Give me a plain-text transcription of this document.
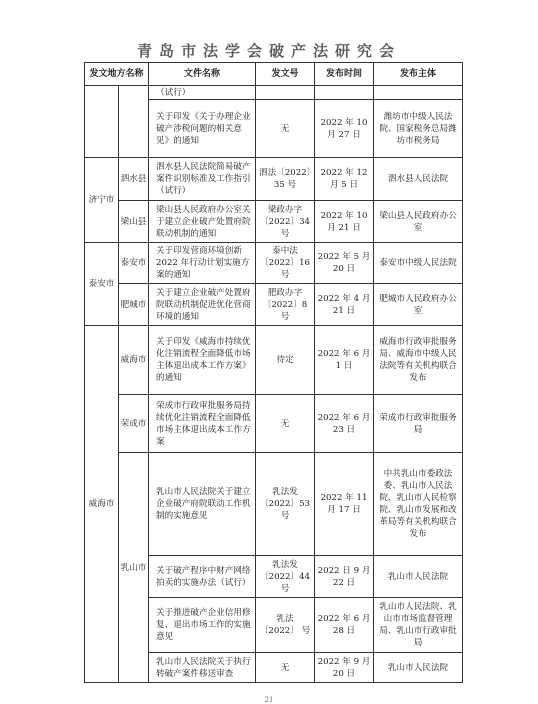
青岛市法学会破产法研究会
发文地方名称		文件名称	发文号	发布时间	发布主体
		（试行）			
		关于印发《关于办理企业破产涉税问题的相关意见》的通知	无	2022 年 10 月 27 日	潍坊市中级人民法院、国家税务总局潍坊市税务局
济宁市	泗水县	泗水县人民法院简易破产案件识别标准及工作指引（试行）	泗法〔2022〕35 号	2022 年 12 月 5 日	泗水县人民法院
	梁山县	梁山县人民政府办公室关于建立企业破产处置府院联动机制的通知	梁政办字〔2022〕34 号	2022 年 10 月 21 日	梁山县人民政府办公室
泰安市	泰安市	关于印发营商环境创新2022 年行动计划实施方案的通知	泰中法〔2022〕16 号	2022 年 5 月 20 日	泰安市中级人民法院
	肥城市	关于建立企业破产处置府院联动机制促进优化营商环境的通知	肥政办字〔2022〕8 号	2022 年 4 月 21 日	肥城市人民政府办公室
威海市	威海市	关于印发《威海市持续优化注销流程全面降低市场主体退出成本工作方案》的通知	待定	2022 年 6 月 1 日	威海市行政审批服务局、威海市中级人民法院等有关机构联合发布
	荣成市	荣成市行政审批服务局持续优化注销流程全面降低市场主体退出成本工作方案	无	2022 年 6 月 23 日	荣成市行政审批服务局
	乳山市	乳山市人民法院关于建立企业破产府院联动工作机制的实施意见	乳法发〔2022〕53 号	2022 年 11 月 17 日	中共乳山市委政法委、乳山市人民法院、乳山市人民检察院、乳山市发展和改革局等有关机构联合发布
		关于破产程序中财产网络拍卖的实施办法（试行）	乳法发〔2022〕44 号	2022 日 9 月 22 日	乳山市人民法院
		关于推进破产企业信用修复、退出市场工作的实施意见	乳法〔2022〕 号	2022 年 6 月 28 日	乳山市人民法院、乳山市市场监督管理局、乳山市行政审批局
		乳山市人民法院关于执行转破产案件移送审查	无	2022 年 9 月 20 日	乳山市人民法院
21
